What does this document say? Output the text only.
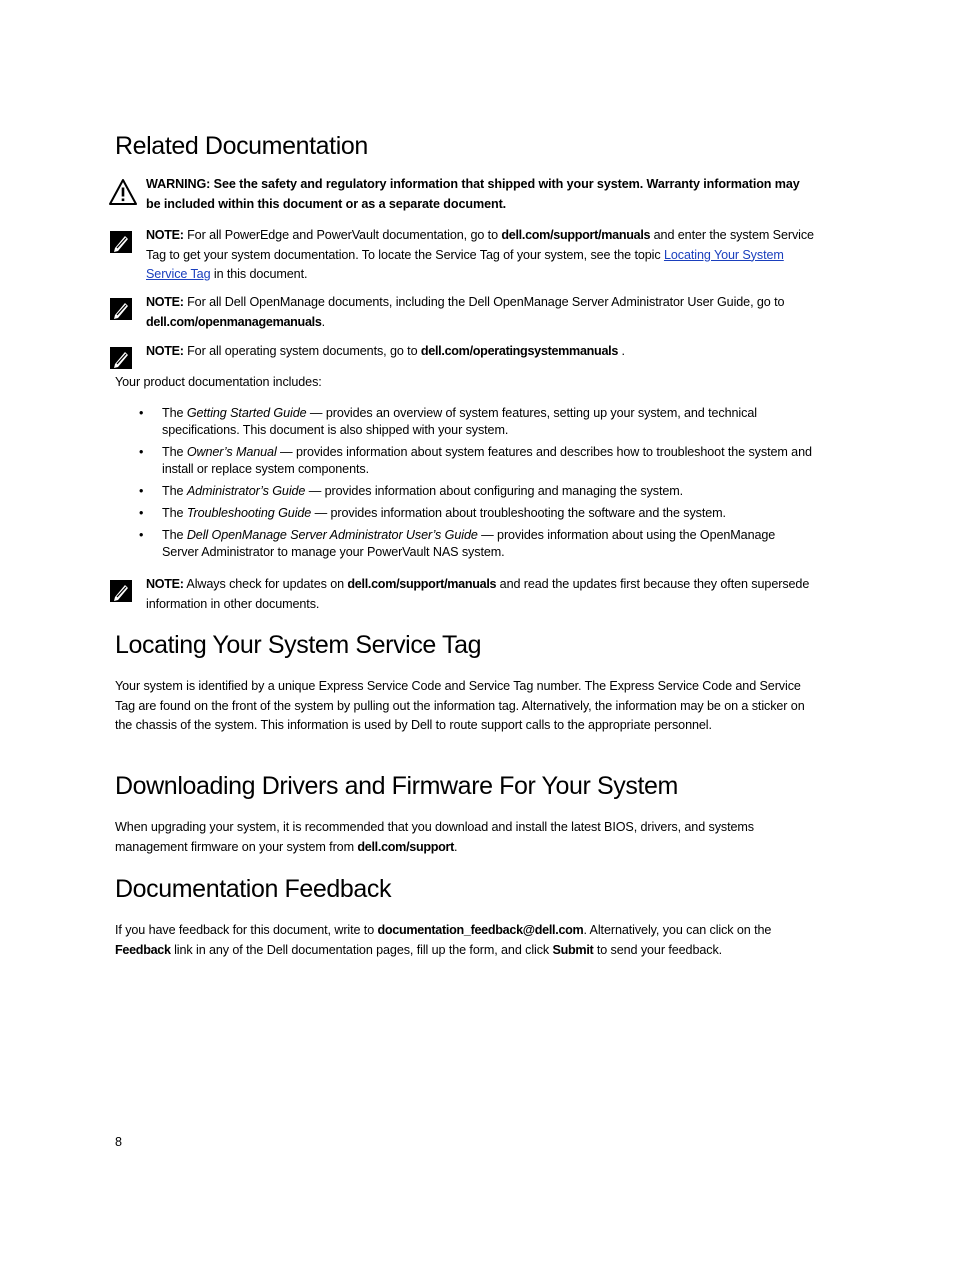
Related Documentation

WARNING: See the safety and regulatory information that shipped with your system. Warranty information may be included within this document or as a separate document.

NOTE: For all PowerEdge and PowerVault documentation, go to dell.com/support/manuals and enter the system Service Tag to get your system documentation. To locate the Service Tag of your system, see the topic Locating Your System Service Tag in this document.

NOTE: For all Dell OpenManage documents, including the Dell OpenManage Server Administrator User Guide, go to dell.com/openmanagemanuals.

NOTE: For all operating system documents, go to dell.com/operatingsystemmanuals .

Your product documentation includes:

• The Getting Started Guide — provides an overview of system features, setting up your system, and technical specifications. This document is also shipped with your system.
• The Owner’s Manual — provides information about system features and describes how to troubleshoot the system and install or replace system components.
• The Administrator’s Guide — provides information about configuring and managing the system.
• The Troubleshooting Guide — provides information about troubleshooting the software and the system.
• The Dell OpenManage Server Administrator User’s Guide — provides information about using the OpenManage Server Administrator to manage your PowerVault NAS system.

NOTE: Always check for updates on dell.com/support/manuals and read the updates first because they often supersede information in other documents.

Locating Your System Service Tag

Your system is identified by a unique Express Service Code and Service Tag number. The Express Service Code and Service Tag are found on the front of the system by pulling out the information tag. Alternatively, the information may be on a sticker on the chassis of the system. This information is used by Dell to route support calls to the appropriate personnel.

Downloading Drivers and Firmware For Your System

When upgrading your system, it is recommended that you download and install the latest BIOS, drivers, and systems management firmware on your system from dell.com/support.

Documentation Feedback

If you have feedback for this document, write to documentation_feedback@dell.com. Alternatively, you can click on the Feedback link in any of the Dell documentation pages, fill up the form, and click Submit to send your feedback.

8
